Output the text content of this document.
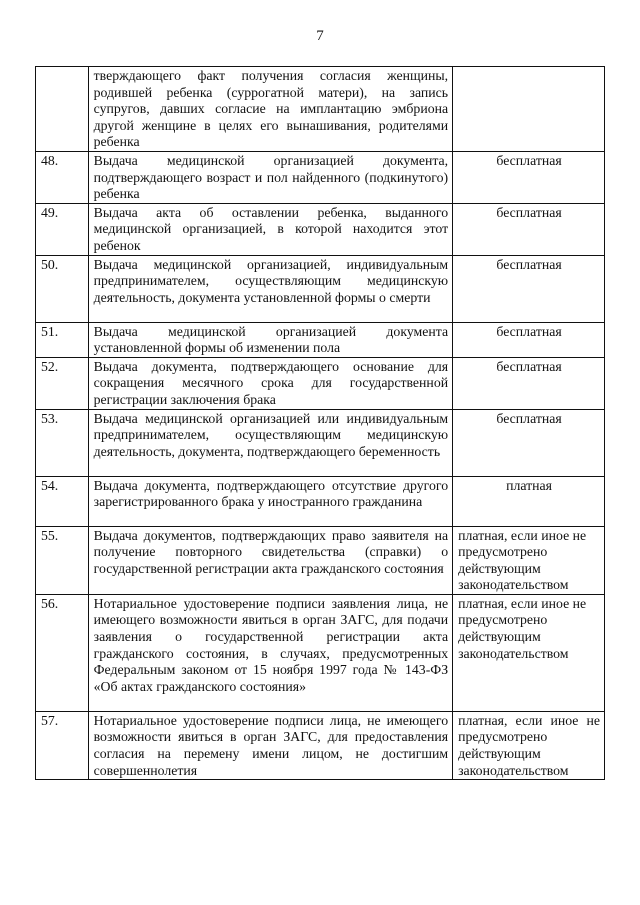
7
	тверждающего факт получения согласия женщины, родившей ребенка (суррогатной матери), на запись супругов, давших согласие на имплантацию эмбриона другой женщине в целях его вынашивания, родителями ребенка	
48.	Выдача медицинской организацией документа, подтверждающего возраст и пол найденного (подкинутого) ребенка	бесплатная
49.	Выдача акта об оставлении ребенка, выданного медицинской организацией, в которой находится этот ребенок	бесплатная
50.	Выдача медицинской организацией, индивидуальным предпринимателем, осуществляющим медицинскую деятельность, документа установленной формы о смерти	бесплатная
51.	Выдача медицинской организацией документа установленной формы об изменении пола	бесплатная
52.	Выдача документа, подтверждающего основание для сокращения месячного срока для государственной регистрации заключения брака	бесплатная
53.	Выдача медицинской организацией или индивидуальным предпринимателем, осуществляющим медицинскую деятельность, документа, подтверждающего беременность	бесплатная
54.	Выдача документа, подтверждающего отсутствие другого зарегистрированного брака у иностранного гражданина	платная
55.	Выдача документов, подтверждающих право заявителя на получение повторного свидетельства (справки) о государственной регистрации акта гражданского состояния	платная, если иное не предусмотрено действующим законодательством
56.	Нотариальное удостоверение подписи заявления лица, не имеющего возможности явиться в орган ЗАГС, для подачи заявления о государственной регистрации акта гражданского состояния, в случаях, предусмотренных Федеральным законом от 15 ноября 1997 года № 143-ФЗ «Об актах гражданского состояния»	платная, если иное не предусмотрено действующим законодательством
57.	Нотариальное удостоверение подписи лица, не имеющего возможности явиться в орган ЗАГС, для предоставления согласия на перемену имени лицом, не достигшим совершеннолетия	платная, если иное не предусмотрено действующим законодательством
